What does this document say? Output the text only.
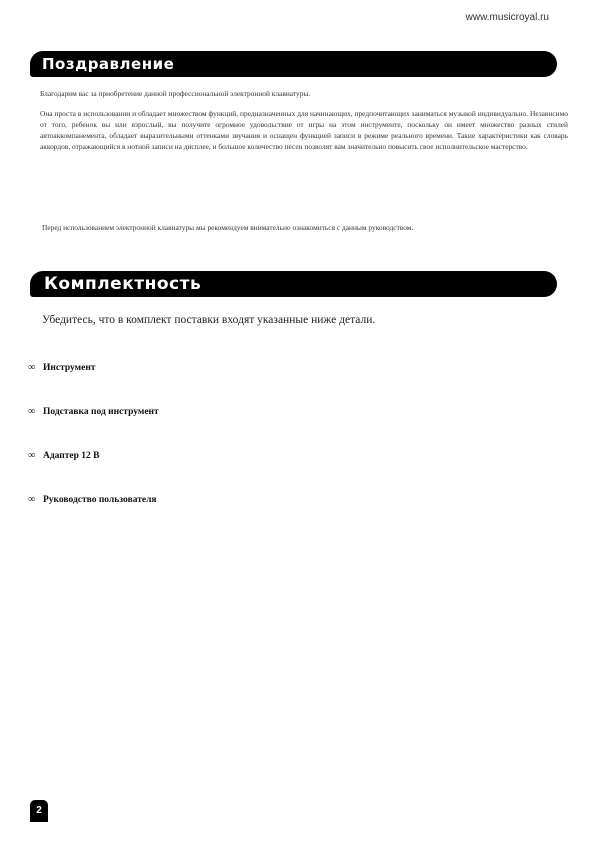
www.musicroyal.ru
Поздравление

Благодарим вас за приобретение данной профессиональной электронной клавиатуры.

Она проста в использовании и обладает множеством функций, предназначенных для начинающих, предпочитающих заниматься музыкой индивидуально. Независимо от того, ребенок вы или взрослый, вы получите огромное удовольствие от игры на этом инструменте, поскольку он имеет множество разных стилей автоаккомпанемента, обладает выразительными оттенками звучания и оснащен функцией записи в режиме реального времени. Такие характеристики как словарь аккордов, отражающийся в нотной записи на дисплее, и большое количество песен позволят вам значительно повысить свое исполнительское мастерство.

Перед использованием электронной клавиатуры мы рекомендуем внимательно ознакомиться с данным руководством.

Комплектность

Убедитесь, что в комплект поставки входят указанные ниже детали.

∞ Инструмент
∞ Подставка под инструмент
∞ Адаптер 12 В
∞ Руководство пользователя
2
